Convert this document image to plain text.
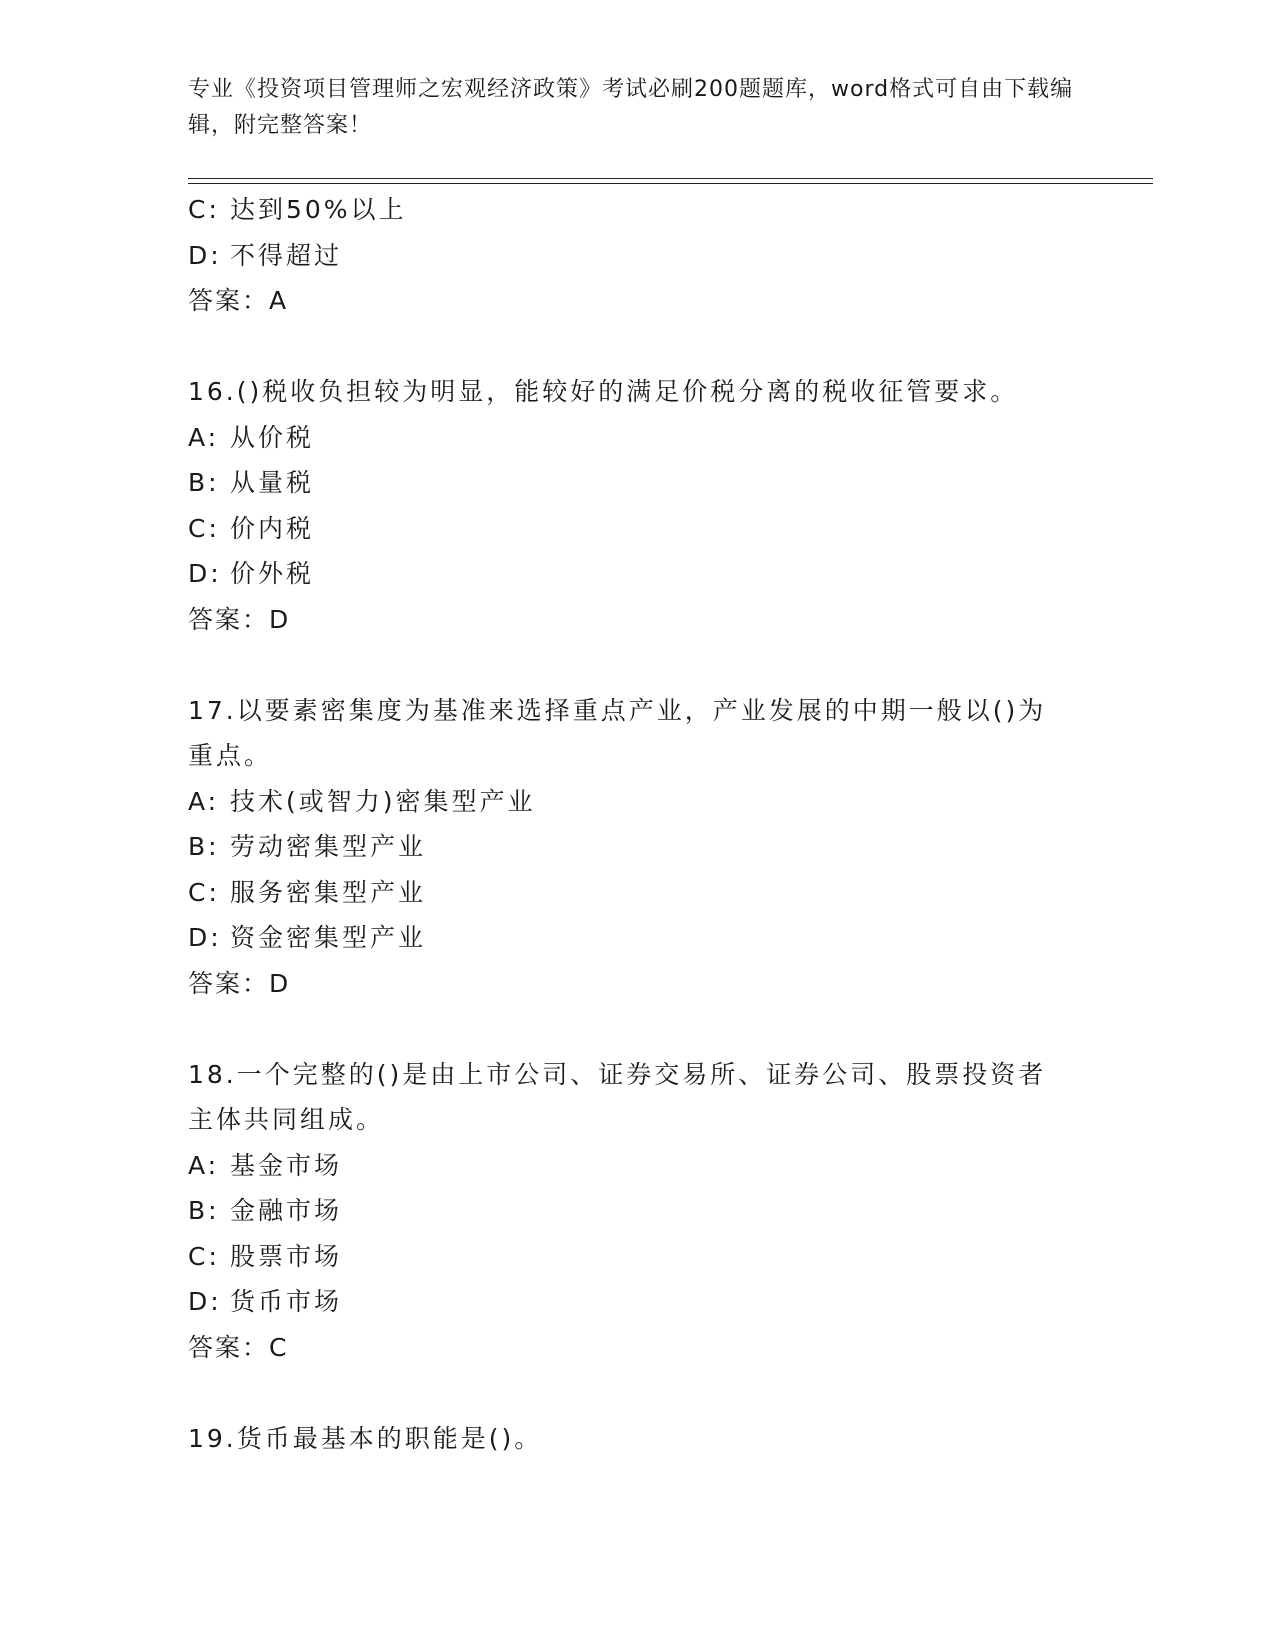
专业《投资项目管理师之宏观经济政策》考试必刷200题题库，word格式可自由下载编辑，附完整答案！
C: 达到50%以上
D: 不得超过
答案：A
16.()税收负担较为明显，能较好的满足价税分离的税收征管要求。
A: 从价税
B: 从量税
C: 价内税
D: 价外税
答案：D
17.以要素密集度为基准来选择重点产业，产业发展的中期一般以()为
重点。
A: 技术(或智力)密集型产业
B: 劳动密集型产业
C: 服务密集型产业
D: 资金密集型产业
答案：D
18.一个完整的()是由上市公司、证券交易所、证券公司、股票投资者
主体共同组成。
A: 基金市场
B: 金融市场
C: 股票市场
D: 货币市场
答案：C
19.货币最基本的职能是()。
